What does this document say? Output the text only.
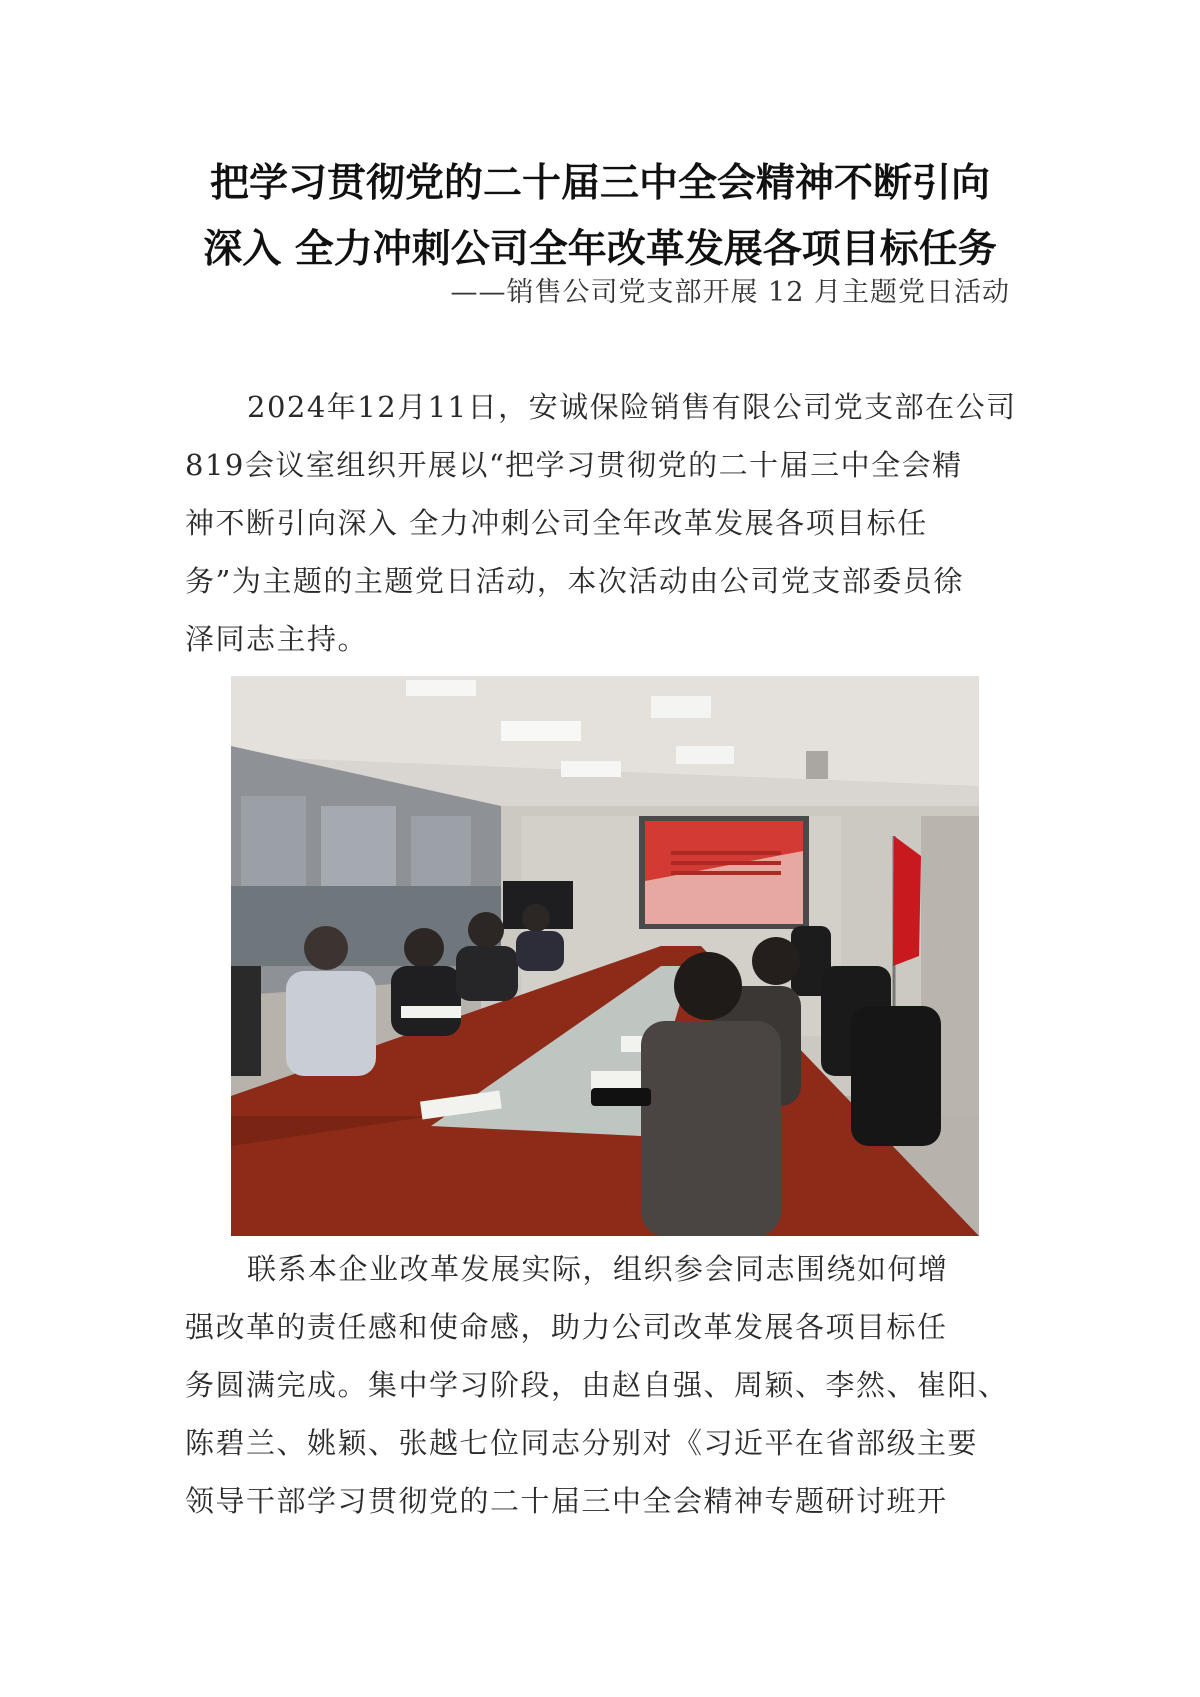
把学习贯彻党的二十届三中全会精神不断引向
深入 全力冲刺公司全年改革发展各项目标任务
——销售公司党支部开展 12 月主题党日活动
2024年12月11日，安诚保险销售有限公司党支部在公司
819会议室组织开展以“把学习贯彻党的二十届三中全会精
神不断引向深入 全力冲刺公司全年改革发展各项目标任
务”为主题的主题党日活动，本次活动由公司党支部委员徐
泽同志主持。
联系本企业改革发展实际，组织参会同志围绕如何增
强改革的责任感和使命感，助力公司改革发展各项目标任
务圆满完成。集中学习阶段，由赵自强、周颖、李然、崔阳、
陈碧兰、姚颖、张越七位同志分别对《习近平在省部级主要
领导干部学习贯彻党的二十届三中全会精神专题研讨班开
